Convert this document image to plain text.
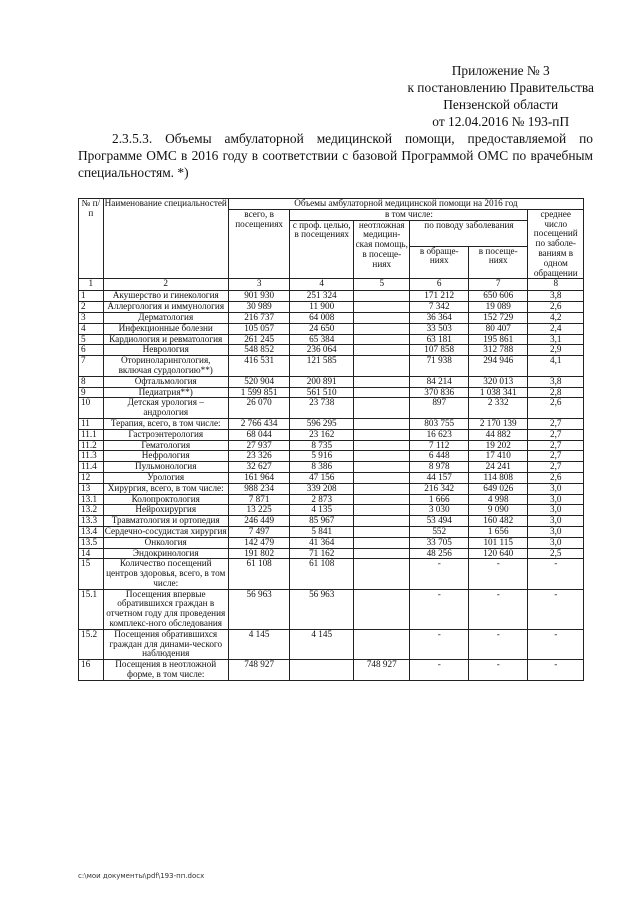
Приложение № 3
к постановлению Правительства
Пензенской области
от 12.04.2016 № 193-пП

2.3.5.3. Объемы амбулаторной медицинской помощи, предоставляемой по Программе ОМС в 2016 году в соответствии с базовой Программой ОМС по врачебным специальностям. *)

№ п/п	Наименование специальностей	Объемы амбулаторной медицинской помощи на 2016 год					
		всего, в посещениях	в том числе:				среднее число посещений по заболе-ваниям в одном обращении
			с проф. целью, в посещениях	неотложная медицин-ская помощь, в посеще-ниях	по поводу заболевания		
					в обраще-ниях	в посеще-ниях	
1	2	3	4	5	6	7	8
1	Акушерство и гинекология	901 930	251 324		171 212	650 606	3,8
2	Аллергология и иммунология	30 989	11 900		7 342	19 089	2,6
3	Дерматология	216 737	64 008		36 364	152 729	4,2
4	Инфекционные болезни	105 057	24 650		33 503	80 407	2,4
5	Кардиология и ревматология	261 245	65 384		63 181	195 861	3,1
6	Неврология	548 852	236 064		107 858	312 788	2,9
7	Оториноларингология, включая сурдологию**)	416 531	121 585		71 938	294 946	4,1
8	Офтальмология	520 904	200 891		84 214	320 013	3,8
9	Педиатрия**)	1 599 851	561 510		370 836	1 038 341	2,8
10	Детская урология – андрология	26 070	23 738		897	2 332	2,6
11	Терапия, всего, в том числе:	2 766 434	596 295		803 755	2 170 139	2,7
11.1	Гастроэнтерология	68 044	23 162		16 623	44 882	2,7
11.2	Гематология	27 937	8 735		7 112	19 202	2,7
11.3	Нефрология	23 326	5 916		6 448	17 410	2,7
11.4	Пульмонология	32 627	8 386		8 978	24 241	2,7
12	Урология	161 964	47 156		44 157	114 808	2,6
13	Хирургия, всего, в том числе:	988 234	339 208		216 342	649 026	3,0
13.1	Колопроктология	7 871	2 873		1 666	4 998	3,0
13.2	Нейрохирургия	13 225	4 135		3 030	9 090	3,0
13.3	Травматология и ортопедия	246 449	85 967		53 494	160 482	3,0
13.4	Сердечно-сосудистая хирургия	7 497	5 841		552	1 656	3,0
13.5	Онкология	142 479	41 364		33 705	101 115	3,0
14	Эндокринология	191 802	71 162		48 256	120 640	2,5
15	Количество посещений центров здоровья, всего, в том числе:	61 108	61 108		-	-	-
15.1	Посещения впервые обратившихся граждан в отчетном году для проведения комплекс-ного обследования	56 963	56 963		-	-	-
15.2	Посещения обратившихся граждан для динами-ческого наблюдения	4 145	4 145		-	-	-
16	Посещения в неотложной форме, в том числе:	748 927		748 927	-	-	-
c:\мои документы\pdf\193-пп.docx
